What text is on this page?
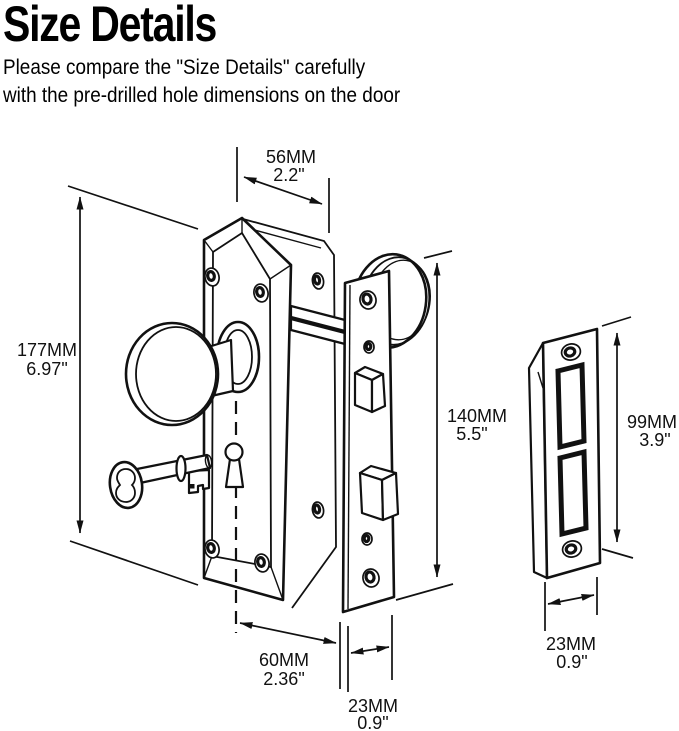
Size Details
Please compare the "Size Details" carefully
with the pre-drilled hole dimensions on the door
56MM
2.2"
177MM
6.97"
140MM
5.5"
99MM
3.9"
60MM
2.36"
23MM
0.9"
23MM
0.9"
